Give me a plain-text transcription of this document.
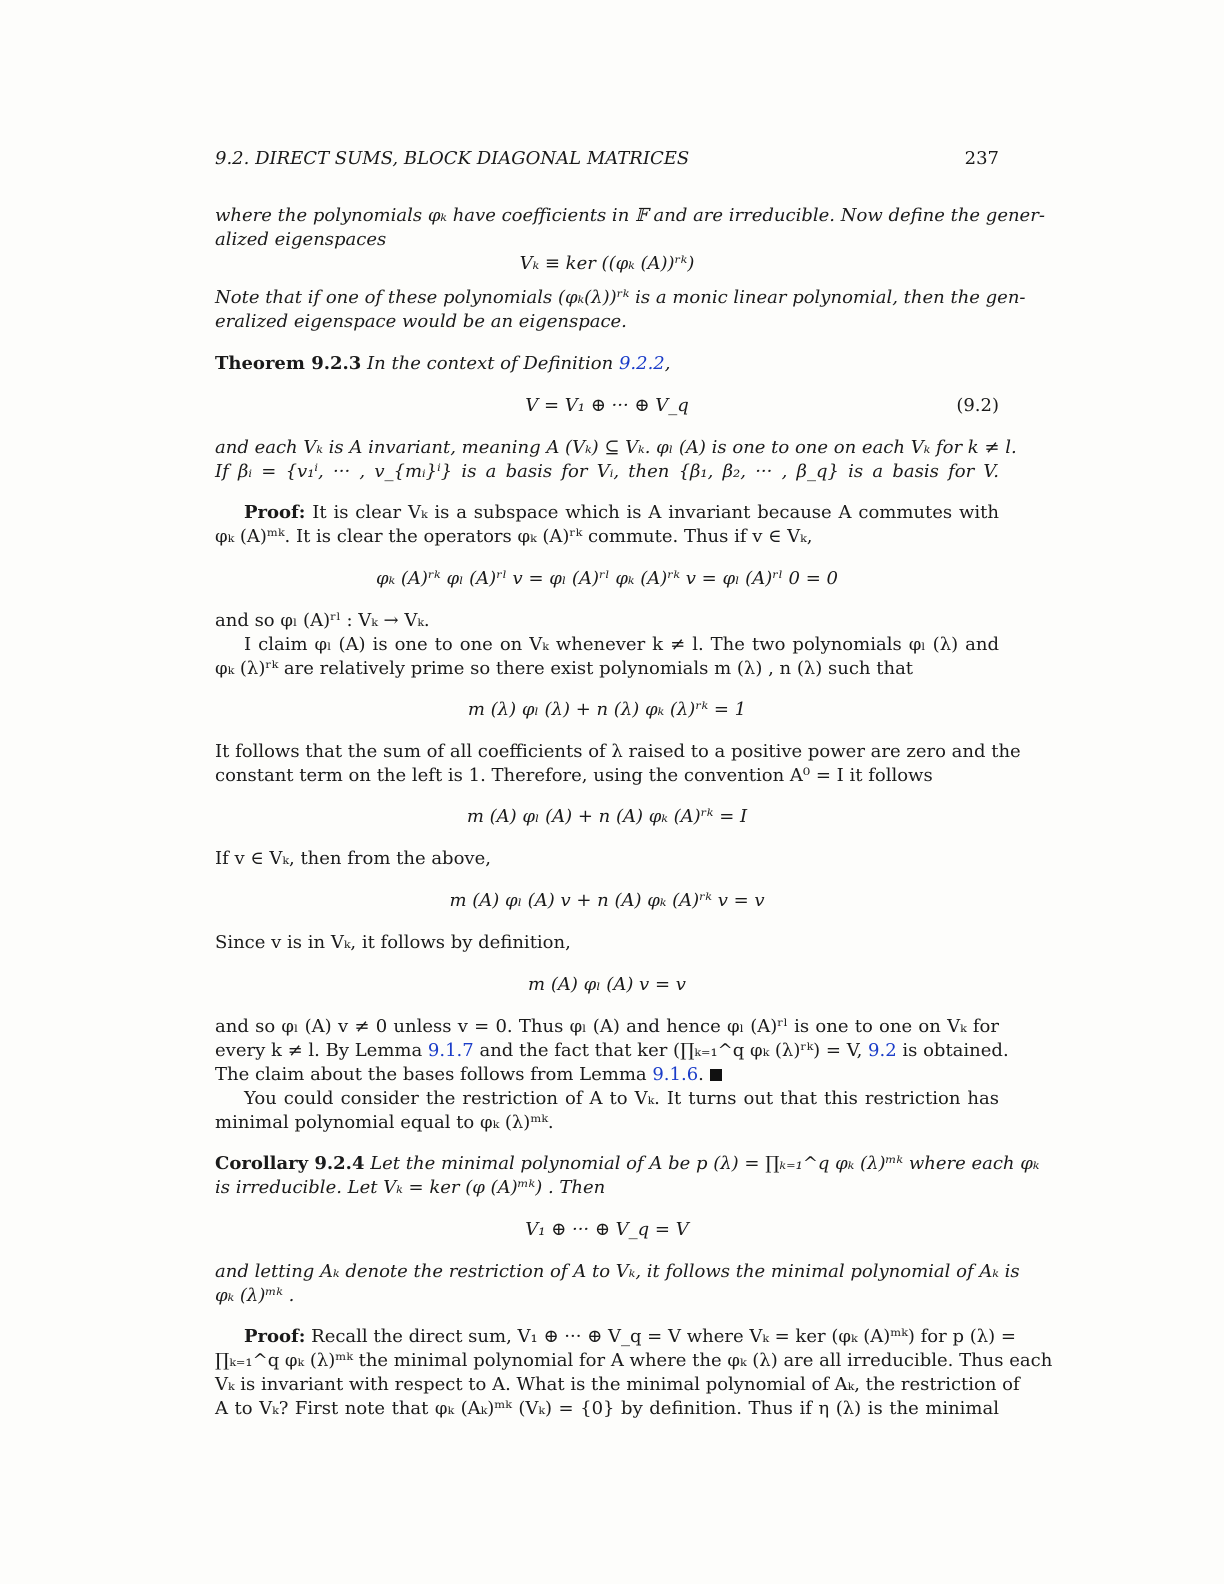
9.2. DIRECT SUMS, BLOCK DIAGONAL MATRICES	237
where the polynomials φₖ have coefficients in 𝔽 and are irreducible. Now define the gener-
alized eigenspaces
Vₖ ≡ ker ((φₖ (A))ʳᵏ)
Note that if one of these polynomials (φₖ(λ))ʳᵏ is a monic linear polynomial, then the gen-
eralized eigenspace would be an eigenspace.
Theorem 9.2.3 In the context of Definition 9.2.2,
V = V₁ ⊕ ··· ⊕ V_q	(9.2)
and each Vₖ is A invariant, meaning A (Vₖ) ⊆ Vₖ. φₗ (A) is one to one on each Vₖ for k ≠ l.
If βᵢ = {v₁ⁱ, ··· , v_{mᵢ}ⁱ} is a basis for Vᵢ, then {β₁, β₂, ··· , β_q} is a basis for V.
Proof: It is clear Vₖ is a subspace which is A invariant because A commutes with
φₖ (A)ᵐᵏ. It is clear the operators φₖ (A)ʳᵏ commute. Thus if v ∈ Vₖ,
φₖ (A)ʳᵏ φₗ (A)ʳˡ v = φₗ (A)ʳˡ φₖ (A)ʳᵏ v = φₗ (A)ʳˡ 0 = 0
and so φₗ (A)ʳˡ : Vₖ → Vₖ.
I claim φₗ (A) is one to one on Vₖ whenever k ≠ l. The two polynomials φₗ (λ) and
φₖ (λ)ʳᵏ are relatively prime so there exist polynomials m (λ) , n (λ) such that
m (λ) φₗ (λ) + n (λ) φₖ (λ)ʳᵏ = 1
It follows that the sum of all coefficients of λ raised to a positive power are zero and the
constant term on the left is 1. Therefore, using the convention A⁰ = I it follows
m (A) φₗ (A) + n (A) φₖ (A)ʳᵏ = I
If v ∈ Vₖ, then from the above,
m (A) φₗ (A) v + n (A) φₖ (A)ʳᵏ v = v
Since v is in Vₖ, it follows by definition,
m (A) φₗ (A) v = v
and so φₗ (A) v ≠ 0 unless v = 0. Thus φₗ (A) and hence φₗ (A)ʳˡ is one to one on Vₖ for
every k ≠ l. By Lemma 9.1.7 and the fact that ker (∏ₖ₌₁^q φₖ (λ)ʳᵏ) = V, 9.2 is obtained.
The claim about the bases follows from Lemma 9.1.6.
You could consider the restriction of A to Vₖ. It turns out that this restriction has
minimal polynomial equal to φₖ (λ)ᵐᵏ.
Corollary 9.2.4 Let the minimal polynomial of A be p (λ) = ∏ₖ₌₁^q φₖ (λ)ᵐᵏ where each φₖ
is irreducible. Let Vₖ = ker (φ (A)ᵐᵏ) . Then
V₁ ⊕ ··· ⊕ V_q = V
and letting Aₖ denote the restriction of A to Vₖ, it follows the minimal polynomial of Aₖ is
φₖ (λ)ᵐᵏ .
Proof: Recall the direct sum, V₁ ⊕ ··· ⊕ V_q = V where Vₖ = ker (φₖ (A)ᵐᵏ) for p (λ) =
∏ₖ₌₁^q φₖ (λ)ᵐᵏ the minimal polynomial for A where the φₖ (λ) are all irreducible. Thus each
Vₖ is invariant with respect to A. What is the minimal polynomial of Aₖ, the restriction of
A to Vₖ? First note that φₖ (Aₖ)ᵐᵏ (Vₖ) = {0} by definition. Thus if η (λ) is the minimal
